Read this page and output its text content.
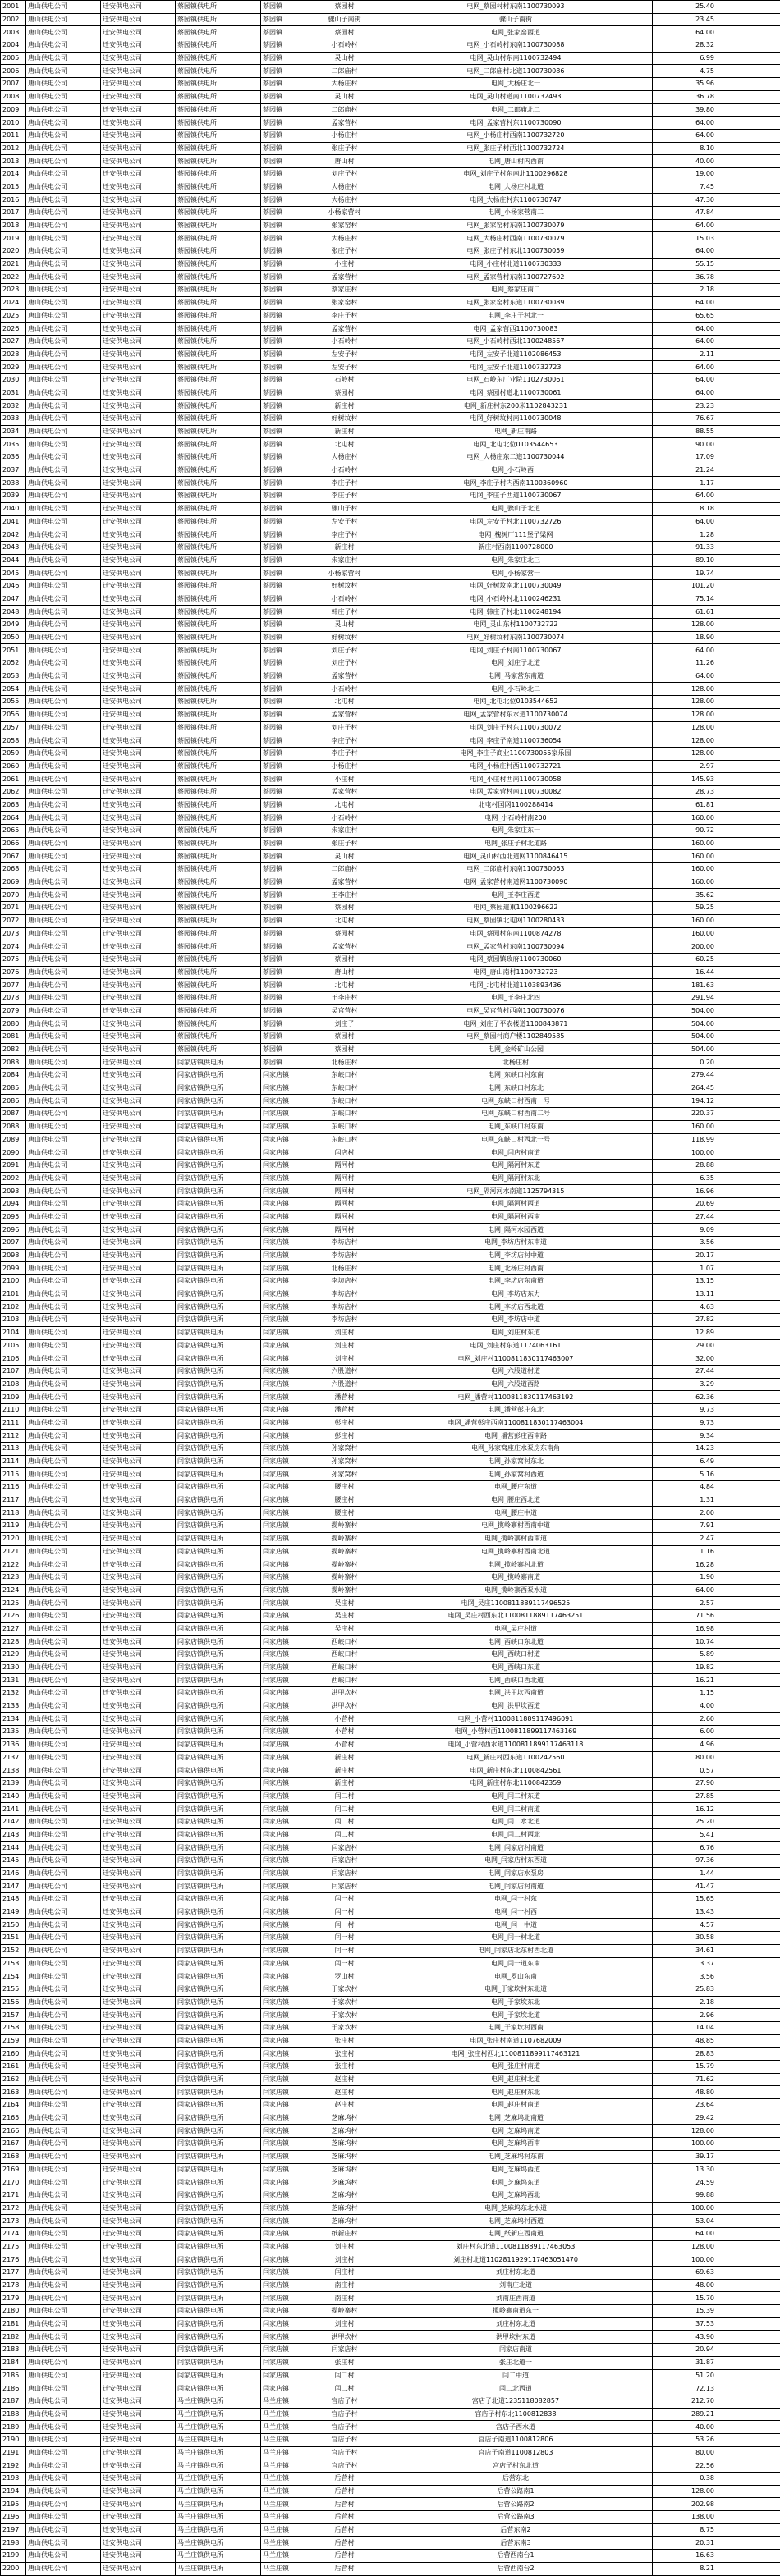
2001	唐山供电公司	迁安供电公司	蔡园镇供电所	蔡园镇	蔡园村	电网_蔡园村村东南1100730093	25.40
2002	唐山供电公司	迁安供电公司	蔡园镇供电所	蔡园镇	骤山子南街	骤山子南街	23.45
2003	唐山供电公司	迁安供电公司	蔡园镇供电所	蔡园镇	蔡园村	电网_张家窑西道	64.00
2004	唐山供电公司	迁安供电公司	蔡园镇供电所	蔡园镇	小石岭村	电网_小石岭村东南1100730088	28.32
2005	唐山供电公司	迁安供电公司	蔡园镇供电所	蔡园镇	灵山村	电网_灵山村东南1100732494	6.99
2006	唐山供电公司	迁安供电公司	蔡园镇供电所	蔡园镇	二郎庙村	电网_二郎庙村北道1100730086	4.75
2007	唐山供电公司	迁安供电公司	蔡园镇供电所	蔡园镇	大杨庄村	电网_大杨庄北一	35.96
2008	唐山供电公司	迁安供电公司	蔡园镇供电所	蔡园镇	灵山村	电网_灵山村道南1100732493	36.78
2009	唐山供电公司	迁安供电公司	蔡园镇供电所	蔡园镇	二郎庙村	电网_二郎庙北二	39.80
2010	唐山供电公司	迁安供电公司	蔡园镇供电所	蔡园镇	孟家营村	电网_孟家营村东1100730090	64.00
2011	唐山供电公司	迁安供电公司	蔡园镇供电所	蔡园镇	小杨庄村	电网_小杨庄村西南1100732720	64.00
2012	唐山供电公司	迁安供电公司	蔡园镇供电所	蔡园镇	张庄子村	电网_张庄子村西北1100732724	8.10
2013	唐山供电公司	迁安供电公司	蔡园镇供电所	蔡园镇	唐山村	电网_唐山村内西南	40.00
2014	唐山供电公司	迁安供电公司	蔡园镇供电所	蔡园镇	刘庄子村	电网_刘庄子村东南北1100296828	19.00
2015	唐山供电公司	迁安供电公司	蔡园镇供电所	蔡园镇	大杨庄村	电网_大杨庄村北道	7.45
2016	唐山供电公司	迁安供电公司	蔡园镇供电所	蔡园镇	大杨庄村	电网_大杨庄村东1100730747	47.30
2017	唐山供电公司	迁安供电公司	蔡园镇供电所	蔡园镇	小杨家营村	电网_小杨家营南二	47.84
2018	唐山供电公司	迁安供电公司	蔡园镇供电所	蔡园镇	张家窑村	电网_张家窑村东南1100730079	64.00
2019	唐山供电公司	迁安供电公司	蔡园镇供电所	蔡园镇	大杨庄村	电网_大杨庄村西南1100730079	15.03
2020	唐山供电公司	迁安供电公司	蔡园镇供电所	蔡园镇	张庄子村	电网_张庄子村东北1100730059	64.00
2021	唐山供电公司	迁安供电公司	蔡园镇供电所	蔡园镇	小庄村	电网_小庄村北道1100730333	55.15
2022	唐山供电公司	迁安供电公司	蔡园镇供电所	蔡园镇	孟家营村	电网_孟家营村东南1100727602	36.78
2023	唐山供电公司	迁安供电公司	蔡园镇供电所	蔡园镇	蔡家庄村	电网_蔡家庄南二	2.18
2024	唐山供电公司	迁安供电公司	蔡园镇供电所	蔡园镇	张家窑村	电网_张家窑村东道1100730089	64.00
2025	唐山供电公司	迁安供电公司	蔡园镇供电所	蔡园镇	李庄子村	电网_李庄子村北一	65.65
2026	唐山供电公司	迁安供电公司	蔡园镇供电所	蔡园镇	孟家营村	电网_孟家营西1100730083	64.00
2027	唐山供电公司	迁安供电公司	蔡园镇供电所	蔡园镇	小石岭村	电网_小石岭村西北1100248567	64.00
2028	唐山供电公司	迁安供电公司	蔡园镇供电所	蔡园镇	左安子村	电网_左安子北道1102086453	2.11
2029	唐山供电公司	迁安供电公司	蔡园镇供电所	蔡园镇	左安子村	电网_左安子北道1100732723	64.00
2030	唐山供电公司	迁安供电公司	蔡园镇供电所	蔡园镇	石岭村	电网_石岭东厂业院1102730061	64.00
2031	唐山供电公司	迁安供电公司	蔡园镇供电所	蔡园镇	蔡园村	电网_蔡园村道北1100730061	64.00
2032	唐山供电公司	迁安供电公司	蔡园镇供电所	蔡园镇	新庄村	电网_新庄村东200米1102843231	23.23
2033	唐山供电公司	迁安供电公司	蔡园镇供电所	蔡园镇	好树坟村	电网_好树坟村南1100730048	76.67
2034	唐山供电公司	迁安供电公司	蔡园镇供电所	蔡园镇	新庄村	电网_新庄南路	88.55
2035	唐山供电公司	迁安供电公司	蔡园镇供电所	蔡园镇	北屯村	电网_北屯北位0103544653	90.00
2036	唐山供电公司	迁安供电公司	蔡园镇供电所	蔡园镇	大杨庄村	电网_大杨庄东二道1100730044	17.09
2037	唐山供电公司	迁安供电公司	蔡园镇供电所	蔡园镇	小石岭村	电网_小石岭西一	21.24
2038	唐山供电公司	迁安供电公司	蔡园镇供电所	蔡园镇	李庄子村	电网_李庄子村内西南1100360960	1.17
2039	唐山供电公司	迁安供电公司	蔡园镇供电所	蔡园镇	李庄子村	电网_李庄子西道1100730067	64.00
2040	唐山供电公司	迁安供电公司	蔡园镇供电所	蔡园镇	骤山子村	电网_骤山子北道	8.18
2041	唐山供电公司	迁安供电公司	蔡园镇供电所	蔡园镇	左安子村	电网_左安子村北1100732726	64.00
2042	唐山供电公司	迁安供电公司	蔡园镇供电所	蔡园镇	李庄子村	电网_槐树厂111堡子梁网	1.28
2043	唐山供电公司	迁安供电公司	蔡园镇供电所	蔡园镇	新庄村	新庄村西南1100728000	91.33
2044	唐山供电公司	迁安供电公司	蔡园镇供电所	蔡园镇	朱家庄村	电网_朱家庄北三	89.10
2045	唐山供电公司	迁安供电公司	蔡园镇供电所	蔡园镇	小杨家营村	电网_小杨家营一	19.74
2046	唐山供电公司	迁安供电公司	蔡园镇供电所	蔡园镇	好树坟村	电网_好树坟南北1100730049	101.20
2047	唐山供电公司	迁安供电公司	蔡园镇供电所	蔡园镇	小石岭村	电网_小石岭村北1100246231	75.14
2048	唐山供电公司	迁安供电公司	蔡园镇供电所	蔡园镇	韩庄子村	电网_韩庄子村北1100248194	61.61
2049	唐山供电公司	迁安供电公司	蔡园镇供电所	蔡园镇	灵山村	电网_灵山东村1100732722	128.00
2050	唐山供电公司	迁安供电公司	蔡园镇供电所	蔡园镇	好树坟村	电网_好树坟村东南1100730074	18.90
2051	唐山供电公司	迁安供电公司	蔡园镇供电所	蔡园镇	刘庄子村	电网_刘庄子村南1100730067	64.00
2052	唐山供电公司	迁安供电公司	蔡园镇供电所	蔡园镇	刘庄子村	电网_刘庄子北道	11.26
2053	唐山供电公司	迁安供电公司	蔡园镇供电所	蔡园镇	孟家营村	电网_马家营东南道	64.00
2054	唐山供电公司	迁安供电公司	蔡园镇供电所	蔡园镇	小石岭村	电网_小石岭北二	128.00
2055	唐山供电公司	迁安供电公司	蔡园镇供电所	蔡园镇	北屯村	电网_北屯北位0103544652	128.00
2056	唐山供电公司	迁安供电公司	蔡园镇供电所	蔡园镇	孟家营村	电网_孟家营村东水道1100730074	128.00
2057	唐山供电公司	迁安供电公司	蔡园镇供电所	蔡园镇	刘庄子村	电网_刘庄子村东1100730072	128.00
2058	唐山供电公司	迁安供电公司	蔡园镇供电所	蔡园镇	李庄子村	电网_李庄子南道1100736054	128.00
2059	唐山供电公司	迁安供电公司	蔡园镇供电所	蔡园镇	李庄子村	电网_李庄子商业1100730055家乐园	128.00
2060	唐山供电公司	迁安供电公司	蔡园镇供电所	蔡园镇	小杨庄村	电网_小杨庄村西1100732721	2.97
2061	唐山供电公司	迁安供电公司	蔡园镇供电所	蔡园镇	小庄村	电网_小庄村西南1100730058	145.93
2062	唐山供电公司	迁安供电公司	蔡园镇供电所	蔡园镇	孟家营村	电网_孟家营村南1100730082	28.73
2063	唐山供电公司	迁安供电公司	蔡园镇供电所	蔡园镇	北屯村	北屯村国网1100288414	61.81
2064	唐山供电公司	迁安供电公司	蔡园镇供电所	蔡园镇	小石岭村	电网_小石岭村南200	160.00
2065	唐山供电公司	迁安供电公司	蔡园镇供电所	蔡园镇	朱家庄村	电网_朱家庄东一	90.72
2066	唐山供电公司	迁安供电公司	蔡园镇供电所	蔡园镇	张庄子村	电网_张庄子村北道路	160.00
2067	唐山供电公司	迁安供电公司	蔡园镇供电所	蔡园镇	灵山村	电网_灵山村西北道网1100846415	160.00
2068	唐山供电公司	迁安供电公司	蔡园镇供电所	蔡园镇	二郎庙村	电网_二郎庙村东南1100730063	160.00
2069	唐山供电公司	迁安供电公司	蔡园镇供电所	蔡园镇	孟家营村	电网_孟家营村南道网1100730090	160.00
2070	唐山供电公司	迁安供电公司	蔡园镇供电所	蔡园镇	王李庄村	电网_王李庄西道	35.62
2071	唐山供电公司	迁安供电公司	蔡园镇供电所	蔡园镇	蔡园村	电网_蔡园道東1100296622	59.25
2072	唐山供电公司	迁安供电公司	蔡园镇供电所	蔡园镇	北屯村	电网_蔡园镇北屯网1100280433	160.00
2073	唐山供电公司	迁安供电公司	蔡园镇供电所	蔡园镇	蔡园村	电网_蔡园村东南1100874278	160.00
2074	唐山供电公司	迁安供电公司	蔡园镇供电所	蔡园镇	孟家营村	电网_孟家营村东南1100730094	200.00
2075	唐山供电公司	迁安供电公司	蔡园镇供电所	蔡园镇	蔡园村	电网_蔡园镇政府1100730060	60.25
2076	唐山供电公司	迁安供电公司	蔡园镇供电所	蔡园镇	唐山村	电网_唐山南村1100732723	16.44
2077	唐山供电公司	迁安供电公司	蔡园镇供电所	蔡园镇	北屯村	电网_北屯村北道1103893436	181.63
2078	唐山供电公司	迁安供电公司	蔡园镇供电所	蔡园镇	王李庄村	电网_王李庄北四	291.94
2079	唐山供电公司	迁安供电公司	蔡园镇供电所	蔡园镇	吴官营村	电网_吴官营村西南1100730076	504.00
2080	唐山供电公司	迁安供电公司	蔡园镇供电所	蔡园镇	刘庄子	电网_刘庄子平农楼道1100843871	504.00
2081	唐山供电公司	迁安供电公司	蔡园镇供电所	蔡园镇	蔡园村	电网_蔡园村商户楼1102849585	504.00
2082	唐山供电公司	迁安供电公司	蔡园镇供电所	蔡园镇	蔡园村	电网_金岭矿山公园	504.00
2083	唐山供电公司	迁安供电公司	闫家店镇供电所	蔡园镇	北杨庄村	北杨庄村	0.20
2084	唐山供电公司	迁安供电公司	闫家店镇供电所	闫家店镇	东峡口村	电网_东峡口村东南	279.44
2085	唐山供电公司	迁安供电公司	闫家店镇供电所	闫家店镇	东峡口村	电网_东峡口村东北	264.45
2086	唐山供电公司	迁安供电公司	闫家店镇供电所	闫家店镇	东峡口村	电网_东峡口村西南一号	194.12
2087	唐山供电公司	迁安供电公司	闫家店镇供电所	闫家店镇	东峡口村	电网_东峡口村西南二号	220.37
2088	唐山供电公司	迁安供电公司	闫家店镇供电所	闫家店镇	东峡口村	电网_东峡口村东南	160.00
2089	唐山供电公司	迁安供电公司	闫家店镇供电所	闫家店镇	东峡口村	电网_东峡口村西北一号	118.99
2090	唐山供电公司	迁安供电公司	闫家店镇供电所	闫家店镇	闫店村	电网_闫店村南道	100.00
2091	唐山供电公司	迁安供电公司	闫家店镇供电所	闫家店镇	隔河村	电网_隔河村东道	28.88
2092	唐山供电公司	迁安供电公司	闫家店镇供电所	闫家店镇	隔河村	电网_隔河村东北	6.35
2093	唐山供电公司	迁安供电公司	闫家店镇供电所	闫家店镇	隔河村	电网_隔河河水南道1125794315	16.96
2094	唐山供电公司	迁安供电公司	闫家店镇供电所	闫家店镇	隔河村	电网_隔河村西道	20.69
2095	唐山供电公司	迁安供电公司	闫家店镇供电所	闫家店镇	隔河村	电网_隔河村西南	27.44
2096	唐山供电公司	迁安供电公司	闫家店镇供电所	闫家店镇	隔河村	电网_隔河水园西道	9.09
2097	唐山供电公司	迁安供电公司	闫家店镇供电所	闫家店镇	李坊店村	电网_李坊店村东南道	3.56
2098	唐山供电公司	迁安供电公司	闫家店镇供电所	闫家店镇	李坊店村	电网_李坊店村中道	20.17
2099	唐山供电公司	迁安供电公司	闫家店镇供电所	闫家店镇	北杨庄村	电网_北杨庄村西南	1.07
2100	唐山供电公司	迁安供电公司	闫家店镇供电所	闫家店镇	李坊店村	电网_李坊店东南道	13.15
2101	唐山供电公司	迁安供电公司	闫家店镇供电所	闫家店镇	李坊店村	电网_李坊店东力	13.11
2102	唐山供电公司	迁安供电公司	闫家店镇供电所	闫家店镇	李坊店村	电网_李坊店西北道	4.63
2103	唐山供电公司	迁安供电公司	闫家店镇供电所	闫家店镇	李坊店村	电网_李坊店中道	27.82
2104	唐山供电公司	迁安供电公司	闫家店镇供电所	闫家店镇	刘庄村	电网_刘庄村东道	12.89
2105	唐山供电公司	迁安供电公司	闫家店镇供电所	闫家店镇	刘庄村	电网_刘庄村东道1174063161	29.00
2106	唐山供电公司	迁安供电公司	闫家店镇供电所	闫家店镇	刘庄村	电网_刘庄村1100811830117463007	32.00
2107	唐山供电公司	迁安供电公司	闫家店镇供电所	闫家店镇	六股道村	电网_六股道村道	27.44
2108	唐山供电公司	迁安供电公司	闫家店镇供电所	闫家店镇	六股道村	电网_六股道西路	3.29
2109	唐山供电公司	迁安供电公司	闫家店镇供电所	闫家店镇	潘营村	电网_潘营村1100811830117463192	62.36
2110	唐山供电公司	迁安供电公司	闫家店镇供电所	闫家店镇	潘营村	电网_潘营彭庄东北	9.73
2111	唐山供电公司	迁安供电公司	闫家店镇供电所	闫家店镇	彭庄村	电网_潘营彭庄西南1100811830117463004	9.73
2112	唐山供电公司	迁安供电公司	闫家店镇供电所	闫家店镇	彭庄村	电网_潘营彭庄西南路	9.34
2113	唐山供电公司	迁安供电公司	闫家店镇供电所	闫家店镇	孙家窝村	电网_孙家窝座庄水泵房东南角	14.23
2114	唐山供电公司	迁安供电公司	闫家店镇供电所	闫家店镇	孙家窝村	电网_孙家窝村东北	6.49
2115	唐山供电公司	迁安供电公司	闫家店镇供电所	闫家店镇	孙家窝村	电网_孙家窝村西道	5.16
2116	唐山供电公司	迁安供电公司	闫家店镇供电所	闫家店镇	腰庄村	电网_腰庄东道	4.84
2117	唐山供电公司	迁安供电公司	闫家店镇供电所	闫家店镇	腰庄村	电网_腰庄西北道	1.31
2118	唐山供电公司	迁安供电公司	闫家店镇供电所	闫家店镇	腰庄村	电网_腰庄中道	2.00
2119	唐山供电公司	迁安供电公司	闫家店镇供电所	闫家店镇	揽岭寨村	电网_揽岭寨村西南中道	7.91
2120	唐山供电公司	迁安供电公司	闫家店镇供电所	闫家店镇	揽岭寨村	电网_揽岭寨村西南道	2.47
2121	唐山供电公司	迁安供电公司	闫家店镇供电所	闫家店镇	揽岭寨村	电网_揽岭寨村西南北道	1.16
2122	唐山供电公司	迁安供电公司	闫家店镇供电所	闫家店镇	揽岭寨村	电网_揽岭寨村北道	16.28
2123	唐山供电公司	迁安供电公司	闫家店镇供电所	闫家店镇	揽岭寨村	电网_揽岭寨南道	1.90
2124	唐山供电公司	迁安供电公司	闫家店镇供电所	闫家店镇	揽岭寨村	电网_揽岭寨西泵水道	64.00
2125	唐山供电公司	迁安供电公司	闫家店镇供电所	闫家店镇	吴庄村	电网_吴庄1100811889117496525	2.57
2126	唐山供电公司	迁安供电公司	闫家店镇供电所	闫家店镇	吴庄村	电网_吴庄村西东北1100811889117463251	71.56
2127	唐山供电公司	迁安供电公司	闫家店镇供电所	闫家店镇	吴庄村	电网_吴庄村道	16.98
2128	唐山供电公司	迁安供电公司	闫家店镇供电所	闫家店镇	西峡口村	电网_西峡口东北道	10.74
2129	唐山供电公司	迁安供电公司	闫家店镇供电所	闫家店镇	西峡口村	电网_西峡口村道	5.89
2130	唐山供电公司	迁安供电公司	闫家店镇供电所	闫家店镇	西峡口村	电网_西峡口东道	19.82
2131	唐山供电公司	迁安供电公司	闫家店镇供电所	闫家店镇	西峡口村	电网_西峡口西北道	16.21
2132	唐山供电公司	迁安供电公司	闫家店镇供电所	闫家店镇	洪甲坎村	电网_洪甲坎西南道	1.15
2133	唐山供电公司	迁安供电公司	闫家店镇供电所	闫家店镇	洪甲坎村	电网_洪甲坎西道	4.00
2134	唐山供电公司	迁安供电公司	闫家店镇供电所	闫家店镇	小营村	电网_小营村1100811889117496091	2.60
2135	唐山供电公司	迁安供电公司	闫家店镇供电所	闫家店镇	小营村	电网_小营村西1100811899117463169	6.00
2136	唐山供电公司	迁安供电公司	闫家店镇供电所	闫家店镇	小营村	电网_小营村西水道1100811899117463118	4.96
2137	唐山供电公司	迁安供电公司	闫家店镇供电所	闫家店镇	新庄村	电网_新庄村西东道1100242560	80.00
2138	唐山供电公司	迁安供电公司	闫家店镇供电所	闫家店镇	新庄村	电网_新庄村东北1100842561	0.57
2139	唐山供电公司	迁安供电公司	闫家店镇供电所	闫家店镇	新庄村	电网_新庄村东北1100842359	27.90
2140	唐山供电公司	迁安供电公司	闫家店镇供电所	闫家店镇	闫二村	电网_闫二村东道	27.85
2141	唐山供电公司	迁安供电公司	闫家店镇供电所	闫家店镇	闫二村	电网_闫二村南道	16.12
2142	唐山供电公司	迁安供电公司	闫家店镇供电所	闫家店镇	闫二村	电网_闫二水北道	25.20
2143	唐山供电公司	迁安供电公司	闫家店镇供电所	闫家店镇	闫二村	电网_闫二村西北	5.41
2144	唐山供电公司	迁安供电公司	闫家店镇供电所	闫家店镇	闫家店村	电网_闫家店村南道	6.76
2145	唐山供电公司	迁安供电公司	闫家店镇供电所	闫家店镇	闫家店村	电网_闫家店村东西道	97.36
2146	唐山供电公司	迁安供电公司	闫家店镇供电所	闫家店镇	闫家店村	电网_闫家店水泵房	1.44
2147	唐山供电公司	迁安供电公司	闫家店镇供电所	闫家店镇	闫家店村	电网_闫家店村南道	41.47
2148	唐山供电公司	迁安供电公司	闫家店镇供电所	闫家店镇	闫一村	电网_闫一村东	15.65
2149	唐山供电公司	迁安供电公司	闫家店镇供电所	闫家店镇	闫一村	电网_闫一村西	13.43
2150	唐山供电公司	迁安供电公司	闫家店镇供电所	闫家店镇	闫一村	电网_闫一中道	4.57
2151	唐山供电公司	迁安供电公司	闫家店镇供电所	闫家店镇	闫一村	电网_闫一村北道	30.58
2152	唐山供电公司	迁安供电公司	闫家店镇供电所	闫家店镇	闫一村	电网_闫家店北东村西北道	34.61
2153	唐山供电公司	迁安供电公司	闫家店镇供电所	闫家店镇	闫一村	电网_闫一道东南	3.37
2154	唐山供电公司	迁安供电公司	闫家店镇供电所	闫家店镇	罗山村	电网_罗山东南	3.56
2155	唐山供电公司	迁安供电公司	闫家店镇供电所	闫家店镇	于家坎村	电网_于家坎村东北道	25.83
2156	唐山供电公司	迁安供电公司	闫家店镇供电所	闫家店镇	于家坎村	电网_于家坎东北	2.18
2157	唐山供电公司	迁安供电公司	闫家店镇供电所	闫家店镇	于家坎村	电网_于家坎北道	2.96
2158	唐山供电公司	迁安供电公司	闫家店镇供电所	闫家店镇	于家坎村	电网_于家坎村西南	14.04
2159	唐山供电公司	迁安供电公司	闫家店镇供电所	闫家店镇	张庄村	电网_张庄村南道1107682009	48.85
2160	唐山供电公司	迁安供电公司	闫家店镇供电所	闫家店镇	张庄村	电网_张庄村西北1100811899117463121	28.83
2161	唐山供电公司	迁安供电公司	闫家店镇供电所	闫家店镇	张庄村	电网_张庄村南道	15.79
2162	唐山供电公司	迁安供电公司	闫家店镇供电所	闫家店镇	赵庄村	电网_赵庄村北道	71.62
2163	唐山供电公司	迁安供电公司	闫家店镇供电所	闫家店镇	赵庄村	电网_赵庄村东北	48.80
2164	唐山供电公司	迁安供电公司	闫家店镇供电所	闫家店镇	赵庄村	电网_赵庄村南道	23.64
2165	唐山供电公司	迁安供电公司	闫家店镇供电所	闫家店镇	芝麻坞村	电网_芝麻坞北南道	29.42
2166	唐山供电公司	迁安供电公司	闫家店镇供电所	闫家店镇	芝麻坞村	电网_芝麻坞南道	128.00
2167	唐山供电公司	迁安供电公司	闫家店镇供电所	闫家店镇	芝麻坞村	电网_芝麻坞西南	100.00
2168	唐山供电公司	迁安供电公司	闫家店镇供电所	闫家店镇	芝麻坞村	电网_芝麻坞村东南	39.17
2169	唐山供电公司	迁安供电公司	闫家店镇供电所	闫家店镇	芝麻坞村	电网_芝麻坞西道	13.30
2170	唐山供电公司	迁安供电公司	闫家店镇供电所	闫家店镇	芝麻坞村	电网_芝麻坞东道	24.59
2171	唐山供电公司	迁安供电公司	闫家店镇供电所	闫家店镇	芝麻坞村	电网_芝麻坞西北	99.88
2172	唐山供电公司	迁安供电公司	闫家店镇供电所	闫家店镇	芝麻坞村	电网_芝麻坞东北水道	100.00
2173	唐山供电公司	迁安供电公司	闫家店镇供电所	闫家店镇	芝麻坞村	电网_芝麻坞村西道	53.04
2174	唐山供电公司	迁安供电公司	闫家店镇供电所	闫家店镇	纸新庄村	电网_纸新庄西南道	64.00
2175	唐山供电公司	迁安供电公司	闫家店镇供电所	闫家店镇	刘庄村	刘庄村东北道1100811889117463053	128.00
2176	唐山供电公司	迁安供电公司	闫家店镇供电所	闫家店镇	刘庄村	刘庄村北道1102811929117463051470	100.00
2177	唐山供电公司	迁安供电公司	闫家店镇供电所	闫家店镇	闫庄村	刘庄村东北道	69.63
2178	唐山供电公司	迁安供电公司	闫家店镇供电所	闫家店镇	南庄村	刘南庄北道	48.00
2179	唐山供电公司	迁安供电公司	闫家店镇供电所	闫家店镇	南庄村	刘南庄西南道	15.70
2180	唐山供电公司	迁安供电公司	闫家店镇供电所	闫家店镇	揽岭寨村	揽岭寨南道东一	15.39
2181	唐山供电公司	迁安供电公司	闫家店镇供电所	闫家店镇	刘庄村	刘庄村东北道	37.53
2182	唐山供电公司	迁安供电公司	闫家店镇供电所	闫家店镇	洪甲坎村	洪甲坎村东道	43.90
2183	唐山供电公司	迁安供电公司	闫家店镇供电所	闫家店镇	闫家店村	闫家店南道	20.94
2184	唐山供电公司	迁安供电公司	闫家店镇供电所	闫家店镇	张庄村	张庄北道一	31.87
2185	唐山供电公司	迁安供电公司	闫家店镇供电所	闫家店镇	闫二村	闫二中道	51.20
2186	唐山供电公司	迁安供电公司	闫家店镇供电所	闫家店镇	闫二村	闫二北西道	72.13
2187	唐山供电公司	迁安供电公司	马兰庄镇供电所	马兰庄镇	宫店子村	宫店子北道1235118082857	212.70
2188	唐山供电公司	迁安供电公司	马兰庄镇供电所	马兰庄镇	宫店子村	宫店子村东北1100812838	289.21
2189	唐山供电公司	迁安供电公司	马兰庄镇供电所	马兰庄镇	宫店子村	宫店子西水道	40.00
2190	唐山供电公司	迁安供电公司	马兰庄镇供电所	马兰庄镇	宫店子村	宫店子南道1100812806	53.26
2191	唐山供电公司	迁安供电公司	马兰庄镇供电所	马兰庄镇	宫店子村	宫店子南道1100812803	80.00
2192	唐山供电公司	迁安供电公司	马兰庄镇供电所	马兰庄镇	宫店子村	宫店子村东北道	22.56
2193	唐山供电公司	迁安供电公司	马兰庄镇供电所	马兰庄镇	后营村	后营东北	0.38
2194	唐山供电公司	迁安供电公司	马兰庄镇供电所	马兰庄镇	后营村	后营公路南1	128.00
2195	唐山供电公司	迁安供电公司	马兰庄镇供电所	马兰庄镇	后营村	后营公路南2	202.98
2196	唐山供电公司	迁安供电公司	马兰庄镇供电所	马兰庄镇	后营村	后营公路南3	138.00
2197	唐山供电公司	迁安供电公司	马兰庄镇供电所	马兰庄镇	后营村	后营东南2	8.75
2198	唐山供电公司	迁安供电公司	马兰庄镇供电所	马兰庄镇	后营村	后营东南3	20.31
2199	唐山供电公司	迁安供电公司	马兰庄镇供电所	马兰庄镇	后营村	后营西南台1	16.63
2200	唐山供电公司	迁安供电公司	马兰庄镇供电所	马兰庄镇	后营村	后营西南台2	8.21
